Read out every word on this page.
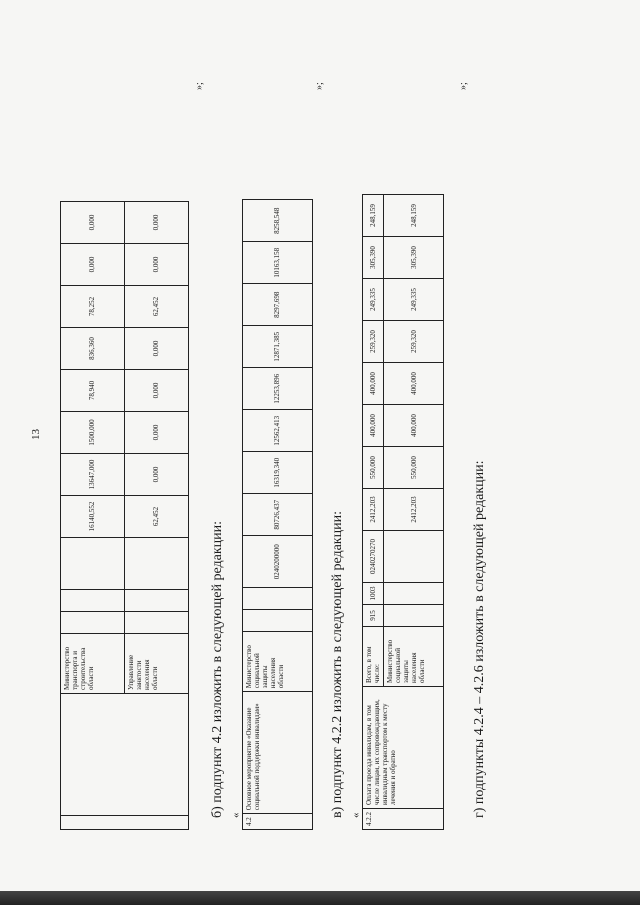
13
		Министерство транспорта и строительства области				16140,552	13647,000	1500,000	78,940	836,360	78,252	0,000	0,000
		Управление занятости населения области				62,452	0,000	0,000	0,000	0,000	62,452	0,000	0,000
»;
б) подпункт 4.2 изложить в следующей редакции: «
4.2	Основное мероприятие «Оказание социальной поддержки инвалидам»	Министерство социальной защиты населения области			0240200000	80726,437	16319,340	12562,413	12253,896	12871,385	8297,698	10163,158	8258,548
»;
в) подпункт 4.2.2 изложить в следующей редакции: « 4.2.2	Оплата проезда инвалидам, в том числе лицам, их сопровождающим, инвалидным транспортом к месту лечения и обратно	Всего, в том числе:	915	1003	0240270270	2412,203	550,000	400,000	400,000	259,320	249,335	305,390	248,159
		Министерство социальной защиты населения области				2412,203	550,000	400,000	400,000	259,320	249,335	305,390	248,159
»;
г) подпункты 4.2.4 – 4.2.6 изложить в следующей редакции:
